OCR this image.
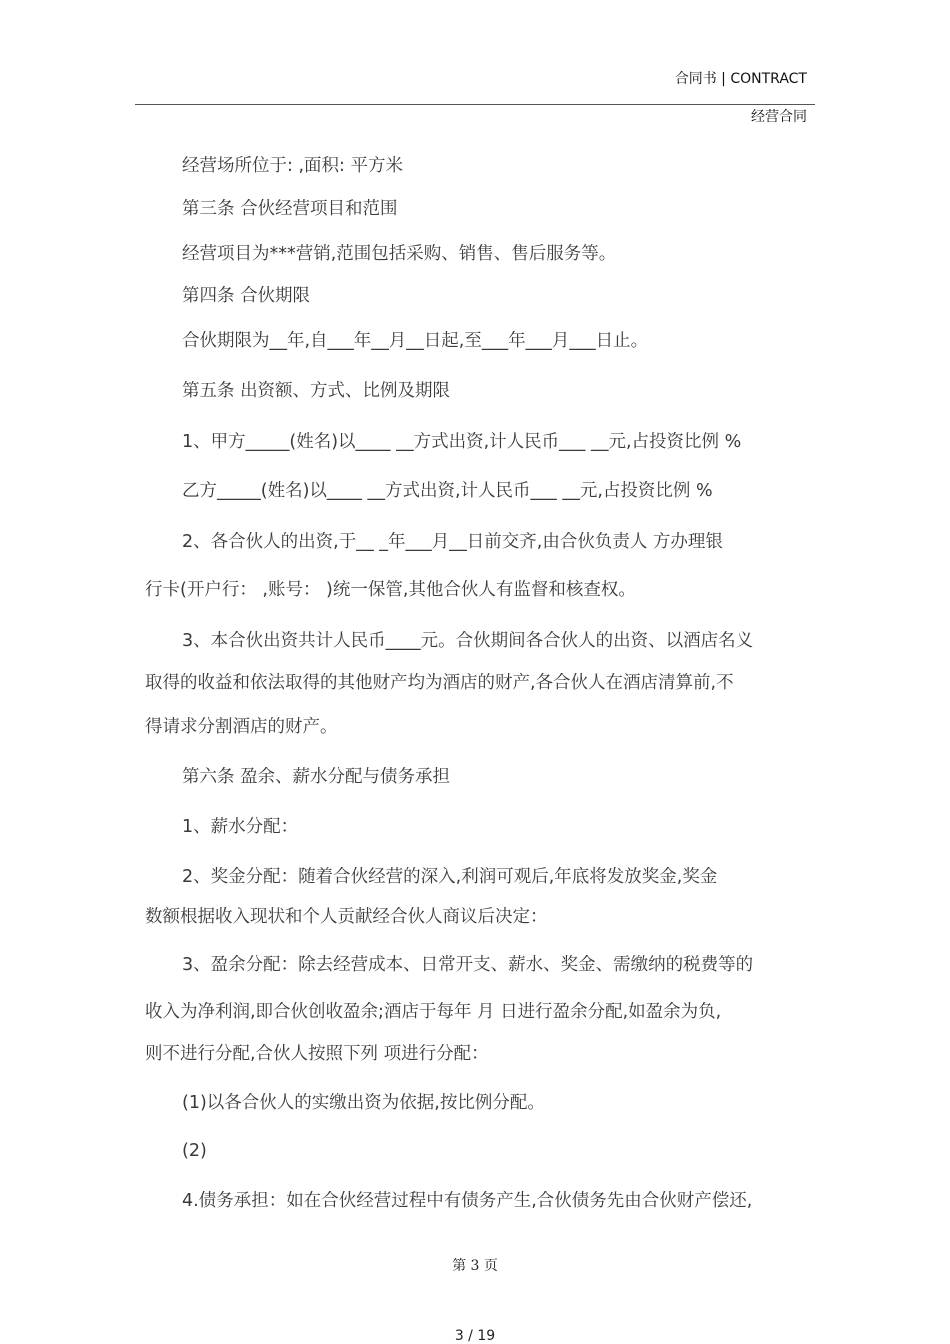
合同书 | CONTRACT
经营合同
经营场所位于: ,面积: 平方米
第三条 合伙经营项目和范围
经营项目为***营销,范围包括采购、销售、售后服务等。
第四条 合伙期限
合伙期限为__年,自___年__月__日起,至___年___月___日止。
第五条 出资额、方式、比例及期限
1、甲方_____(姓名)以____ __方式出资,计人民币___ __元,占投资比例 %
乙方_____(姓名)以____ __方式出资,计人民币___ __元,占投资比例 %
2、各合伙人的出资,于__ _年___月__日前交齐,由合伙负责人 方办理银
行卡(开户行： ,账号： )统一保管,其他合伙人有监督和核查权。
3、本合伙出资共计人民币____元。合伙期间各合伙人的出资、以酒店名义
取得的收益和依法取得的其他财产均为酒店的财产,各合伙人在酒店清算前,不
得请求分割酒店的财产。
第六条 盈余、薪水分配与债务承担
1、薪水分配：
2、奖金分配：随着合伙经营的深入,利润可观后,年底将发放奖金,奖金
数额根据收入现状和个人贡献经合伙人商议后决定：
3、盈余分配：除去经营成本、日常开支、薪水、奖金、需缴纳的税费等的
收入为净利润,即合伙创收盈余;酒店于每年 月 日进行盈余分配,如盈余为负,
则不进行分配,合伙人按照下列 项进行分配：
(1)以各合伙人的实缴出资为依据,按比例分配。
(2)
4.债务承担：如在合伙经营过程中有债务产生,合伙债务先由合伙财产偿还,
第 3 页
3 / 19
